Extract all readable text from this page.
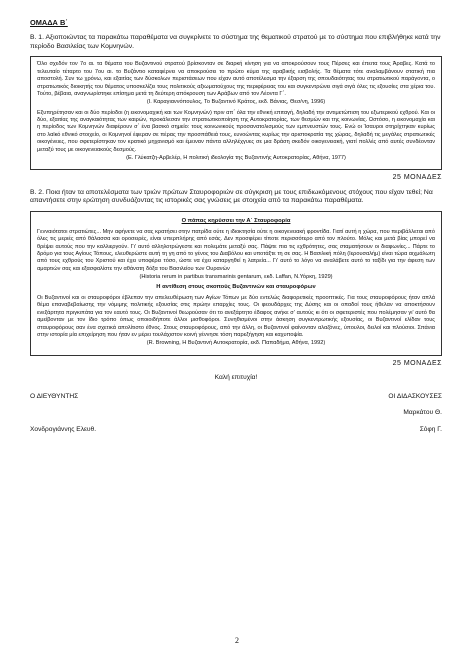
ΟΜΑΔΑ Β΄

Β. 1. Αξιοποιώντας τα παρακάτω παραθέματα να συγκρίνετε το σύστημα της θεματικού στρατού με το σύστημα που επιβλήθηκε κατά την περίοδο Βασιλείας των Κομνηνών.

Όλο σχεδόν τον 7ο αι. τα θέματα του Βυζαντινού στρατού βρίσκονταν σε διαρκή κίνηση για να αποκρούσουν τους Πέρσες και έπειτα τους Άραβες. Κατά το τελευταίο τέταρτο του 7ου αι. το Βυζάντιο καταφέρνει να αποκρούσει το πρώτο κύμα της αραβικής εισβολής. Τα θέματα τότε αναλαμβάνουν στατική πια αποστολή. Συν τω χρόνω, και εξαιτίας των δύσκολων περιστάσεων που είχαν αυτό αποτέλεσμα την έξαρση της σπουδαιότητας του στρατιωτικού παράγοντα, ο στρατιωτικός διοικητής του θέματος υποσκελίζει τους πολιτικούς αξιωματούχους της περιφέρειας του και συγκεντρώνει σιγά σιγά όλες τις εξουσίες στα χέρια του. Τούτο, βέβαια, αναγνωρίστηκε επίσημα μετά τη δεύτερη απόκρουση των Αράβων από τον Λέοντα Γ΄.

(Ι. Καραγιαννόπουλος, Το Βυζαντινό Κράτος, εκδ. Βάνιας, Θεσ/νη, 1996)

Εξυπηρέτησαν και οι δύο περίοδοι (η εικονομαχική και των Κομνηνών) πριν απ΄ όλα την εθνική επιταγή, δηλαδή την αντιμετώπιση του εξωτερικού εχθρού. Και οι δύο, εξαιτίας της αναγκαιότητας των καιρών, προκάλεσαν την στρατιωτικοποίηση της Αυτοκρατορίας, των θεσμών και της κοινωνίας. Ωστόσο, η εικονομαχία και η περίοδος των Κομνηνών διαφέρουν σ΄ ένα βασικό σημείο: τους κοινωνικούς προσανατολισμούς των εμπνευστών τους. Ενώ οι Ίσαυροι στηρίχτηκαν κυρίως στο λαϊκό εθνικό στοιχείο, οι Κομνηνοί έφεραν σε πέρας την προσπάθειά τους, ευνοώντας κυρίως την αριστοκρατία της χώρας, δηλαδή τις μεγάλες στρατιωτικές οικογένειες, που σφετερίστηκαν τον κρατικό μηχανισμό και έμειναν πάντα αλληλέχγυες σε μια δράση σκεδόν οικογενειακή, γιατί πολλές από αυτές συνδέονταν μεταξύ τους με οικογενειακούς δεσμούς.

(Ε. Γλύκατζη-Αρβελέρ, Η πολιτική ιδεολογία της Βυζαντινής Αυτοκρατορίας, Αθήνα, 1977)

25 ΜΟΝΑΔΕΣ

Β. 2. Ποια ήταν τα αποτελέσματα των τριών πρώτων Σταυροφοριών σε σύγκριση με τους επιδιωκόμενους στόχους που είχαν τεθεί; Να απαντήσετε στην ερώτηση συνδυάζοντας τις ιστορικές σας γνώσεις με στοιχεία από τα παρακάτω παραθέματα.

Ο πάπας κηρύσσει την Α΄ Σταυροφορία

Γενναιότατοι στρατιώτες... Μην αφήνετε να σας κρατήσει στην πατρίδα ούτε η ιδιοκτησία ούτε η οικογενειακή φροντίδα. Γιατί αυτή η χώρα, που περιβάλλεται από όλες τις μεριές από θάλασσα και οροσειρές, είναι υπερπλήρης από εσάς. Δεν προσφέρει τίποτε περισσότερο από τον πλούτο. Μόλις και μετά βίας μπορεί να θρέψει αυτούς που την καλλιεργούν. Γι' αυτό αλληλοτρώγεστε και πολεμάτε μεταξύ σας. Πάψτε πια τις εχθρότητες, σας σταματήσουν οι διαφωνίες... Πάρτε το δρόμο για τους Αγίους Τόπους, ελευθερώστε αυτή τη γη από το γένος του Διαβόλου και υποτάξτε τη σε σας. Η Βασιλική πόλη (Ιερουσαλήμ) είναι τώρα αιχμάλωτη από τους εχθρούς του Χριστού και έχει υποφέρει τόσο, ώστε να έχει καταργηθεί η λατρεία... Γι' αυτό το λόγο να αναλάβετε αυτό το ταξίδι για την άφεση των αμαρτιών σας και εξασφαλίστε την αθάνατη δόξα του Βασιλείου των Ουρανών

(Historia rerum in partibus transmarinis gentarum, εκδ. Laffan, Ν.Υόρκη, 1929)

Η αντίθεση στους σκοπούς Βυζαντινών και σταυροφόρων

Οι Βυζαντινοί και οι σταυροφόροι έβλεπαν την απελευθέρωση των Αγίων Τόπων με δύο εντελώς διαφορετικές προοπτικές. Για τους σταυροφόρους ήταν απλά θέμα επαναβεβαίωσης την νόμιμης πολιτικής εξουσίας στις πρώην επαρχίες τους. Οι φεουδάρχες της Δύσης και οι οπαδοί τους ήθελαν να αποκτήσουν ενεξάρτητα πριγκιπάτα για τον εαυτό τους. Οι Βυζαντινοί θεωρούσαν ότι το ανεξάρτητο έδαφος ανήκε σ' αυτούς κι ότι οι σφετεριστές που πολέμησαν γι' αυτό θα αμείβονταν με τον ίδιο τρόπο όπως οποιοιδήποτε άλλοι μισθοφόροι. Συνηθισμένοι στην άσκηση συγκεντρωτικής εξουσίας, οι Βυζαντινοί ελίδαν τους σταυροφόρους σαν ένα σχετικά απολίτιστο έθνος. Στους σταυροφόρους, από την άλλη, οι Βυζαντινοί φαίνονταν αλαζόνες, ύπουλοι, δειλοί και πλούσιοι. Σπάνια στην ιστορία μία επιχείρηση που ήταν εν μέρει τουλάχιστον κοινή γέννησε τόση παρεξήγηση και καχυποψία.

(R. Browning, Η Βυζαντινή Αυτοκρατορία, εκδ. Παπαδήμα, Αθήνα, 1992)

25 ΜΟΝΑΔΕΣ
Καλή επιτυχία!
Ο ΔΙΕΥΘΥΝΤΗΣ	ΟΙ ΔΙΔΑΣΚΟΥΣΕΣ
Μαρκάτου Θ.
Χονδρογιάννης Ελευθ.	Σόφη Γ.
2
